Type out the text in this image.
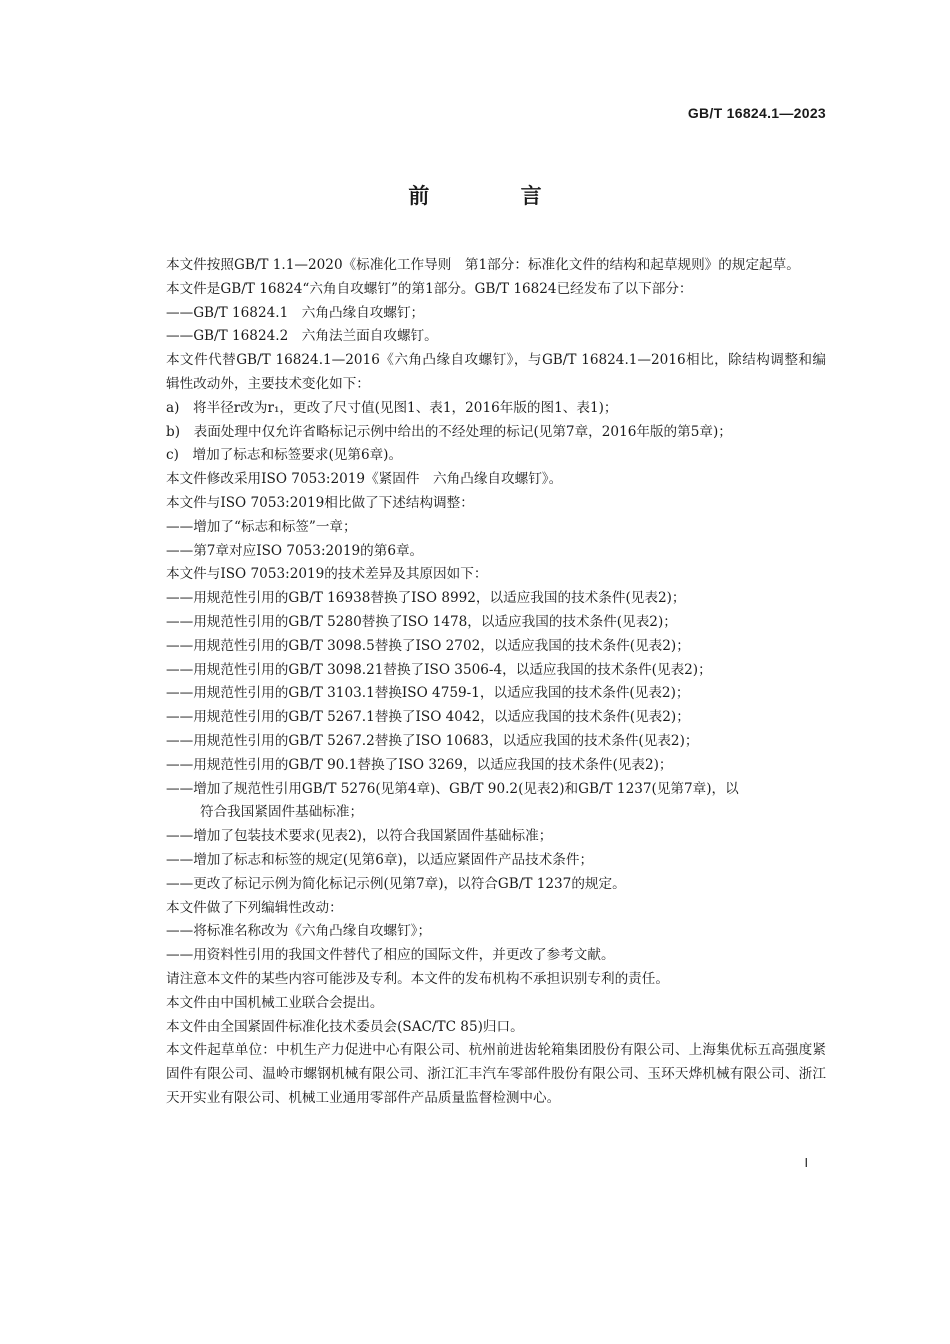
GB/T 16824.1—2023
前 言

本文件按照GB/T 1.1—2020《标准化工作导则　第1部分：标准化文件的结构和起草规则》的规定起草。

本文件是GB/T 16824“六角自攻螺钉”的第1部分。GB/T 16824已经发布了以下部分：

——GB/T 16824.1　六角凸缘自攻螺钉；

——GB/T 16824.2　六角法兰面自攻螺钉。

本文件代替GB/T 16824.1—2016《六角凸缘自攻螺钉》，与GB/T 16824.1—2016相比，除结构调整和编辑性改动外，主要技术变化如下：

a)　将半径r改为r₁，更改了尺寸值(见图1、表1，2016年版的图1、表1)；

b)　表面处理中仅允许省略标记示例中给出的不经处理的标记(见第7章，2016年版的第5章)；

c)　增加了标志和标签要求(见第6章)。

本文件修改采用ISO 7053:2019《紧固件　六角凸缘自攻螺钉》。

本文件与ISO 7053:2019相比做了下述结构调整：

——增加了“标志和标签”一章；

——第7章对应ISO 7053:2019的第6章。

本文件与ISO 7053:2019的技术差异及其原因如下：

——用规范性引用的GB/T 16938替换了ISO 8992，以适应我国的技术条件(见表2)；

——用规范性引用的GB/T 5280替换了ISO 1478，以适应我国的技术条件(见表2)；

——用规范性引用的GB/T 3098.5替换了ISO 2702，以适应我国的技术条件(见表2)；

——用规范性引用的GB/T 3098.21替换了ISO 3506-4，以适应我国的技术条件(见表2)；

——用规范性引用的GB/T 3103.1替换ISO 4759-1，以适应我国的技术条件(见表2)；

——用规范性引用的GB/T 5267.1替换了ISO 4042，以适应我国的技术条件(见表2)；

——用规范性引用的GB/T 5267.2替换了ISO 10683，以适应我国的技术条件(见表2)；

——用规范性引用的GB/T 90.1替换了ISO 3269，以适应我国的技术条件(见表2)；

——增加了规范性引用GB/T 5276(见第4章)、GB/T 90.2(见表2)和GB/T 1237(见第7章)，以

符合我国紧固件基础标准；

——增加了包装技术要求(见表2)，以符合我国紧固件基础标准；

——增加了标志和标签的规定(见第6章)，以适应紧固件产品技术条件；

——更改了标记示例为简化标记示例(见第7章)，以符合GB/T 1237的规定。

本文件做了下列编辑性改动：

——将标准名称改为《六角凸缘自攻螺钉》；

——用资料性引用的我国文件替代了相应的国际文件，并更改了参考文献。

请注意本文件的某些内容可能涉及专利。本文件的发布机构不承担识别专利的责任。

本文件由中国机械工业联合会提出。

本文件由全国紧固件标准化技术委员会(SAC/TC 85)归口。

本文件起草单位：中机生产力促进中心有限公司、杭州前进齿轮箱集团股份有限公司、上海集优标五高强度紧固件有限公司、温岭市螺钢机械有限公司、浙江汇丰汽车零部件股份有限公司、玉环天烨机械有限公司、浙江天开实业有限公司、机械工业通用零部件产品质量监督检测中心。

I
